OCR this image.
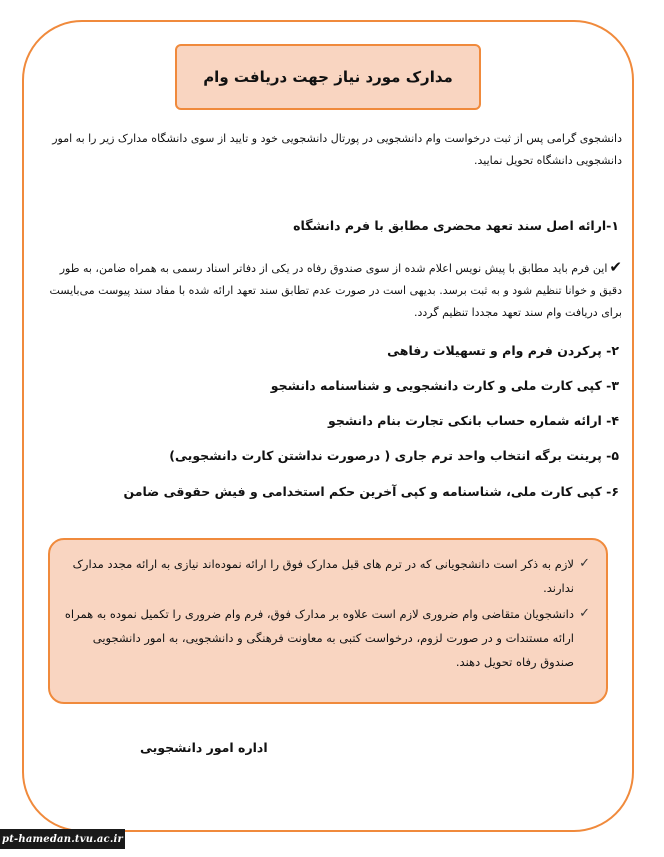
مدارک مورد نیاز جهت دریافت وام

دانشجوی گرامی پس از ثبت درخواست وام دانشجویی در پورتال دانشجویی خود و تایید از سوی دانشگاه مدارک زیر را به امور دانشجویی دانشگاه تحویل نمایید.

۱-ارائه اصل سند تعهد محضری مطابق با فرم دانشگاه

✔این فرم باید مطابق با پیش نویس اعلام شده از سوی صندوق رفاه در یکی از دفاتر اسناد رسمی به همراه ضامن، به طور دقیق و خوانا تنظیم شود و به ثبت برسد. بدیهی است در صورت عدم تطابق سند تعهد ارائه شده با مفاد سند پیوست می‌بایست برای دریافت وام سند تعهد مجددا تنظیم گردد.

۲- پرکردن فرم وام و تسهیلات رفاهی
۳- کپی کارت ملی و کارت دانشجویی و شناسنامه دانشجو
۴- ارائه شماره حساب بانکی تجارت بنام دانشجو
۵- پرینت برگه انتخاب واحد ترم جاری ( درصورت نداشتن کارت دانشجویی)
۶- کپی کارت ملی، شناسنامه و کپی آخرین حکم استخدامی و فیش حقوقی ضامن
✓
لازم به ذکر است دانشجویانی که در ترم های قبل مدارک فوق را ارائه نموده‌اند نیازی به ارائه مجدد مدارک ندارند.
✓
دانشجویان متقاضی وام ضروری لازم است علاوه بر مدارک فوق، فرم وام ضروری را تکمیل نموده به همراه ارائه مستندات و در صورت لزوم، درخواست کتبی به معاونت فرهنگی و دانشجویی، به امور دانشجویی صندوق رفاه تحویل دهند.
اداره امور دانشجویی
pt-hamedan.tvu.ac.ir
